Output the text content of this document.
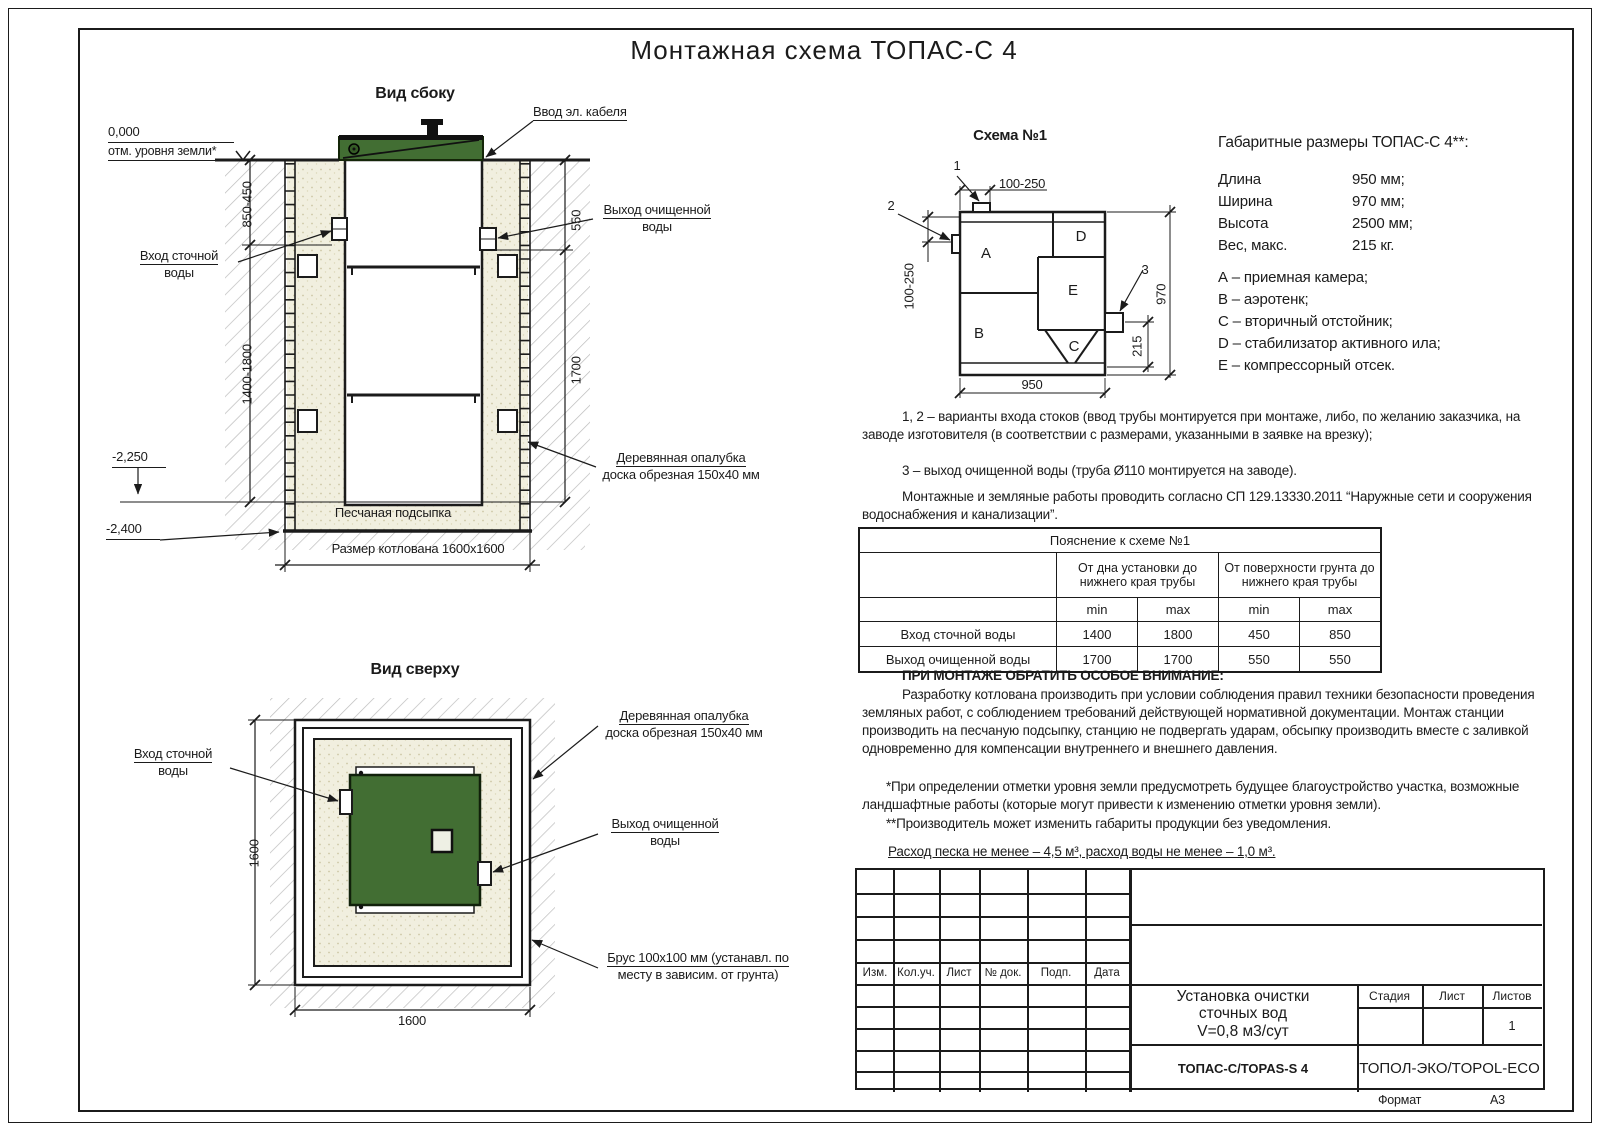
Монтажная схема ТОПАС-С 4
Вид сбоку
Ввод эл. кабеля
0,000
отм. уровня земли*
850-450
1400-1800
550
1700
Вход сточной
воды
Выход очищенной
воды
Деревянная опалубка
доска обрезная 150x40 мм
Песчаная подсыпка
-2,250
-2,400
Размер котлована 1600x1600
Вид сверху
Вход сточной
воды
Деревянная опалубка
доска обрезная 150x40 мм
Выход очищенной
воды
Брус 100x100 мм (устанавл. по
месту в зависим. от грунта)
1600
1600
Схема №1
100-250
100-250	970
215
950
1
2
3
A
B
C
D
E
Габаритные размеры ТОПАС-С 4**:
Длина	950 мм;
Ширина	970 мм;
Высота	2500 мм;
Вес, макс.	215 кг.
А – приемная камера;
В – аэротенк;
С – вторичный отстойник;
D – стабилизатор активного ила;
Е – компрессорный отсек.
1, 2 – варианты входа стоков (ввод трубы монтируется при монтаже, либо, по желанию заказчика, на заводе изготовителя (в соответствии с размерами, указанными в заявке на врезку);
3 – выход очищенной воды (труба Ø110 монтируется на заводе).
Монтажные и земляные работы проводить согласно СП 129.13330.2011 “Наружные сети и сооружения водоснабжения и канализации”.
Пояснение к схеме №1				
	От дна установки до нижнего края трубы		От поверхности грунта до нижнего края трубы	
	min	max	min	max
Вход сточной воды	1400	1800	450	850
Выход очищенной воды	1700	1700	550	550
ПРИ МОНТАЖЕ ОБРАТИТЬ ОСОБОЕ ВНИМАНИЕ:
Разработку котлована производить при условии соблюдения правил техники безопасности проведения земляных работ, с соблюдением требований действующей нормативной документации. Монтаж станции производить на песчаную подсыпку, станцию не подвергать ударам, обсыпку производить вместе с заливкой одновременно для компенсации внутреннего и внешнего давления.
*При определении отметки уровня земли предусмотреть будущее благоустройство участка, возможные ландшафтные работы (которые могут привести к изменению отметки уровня земли).
**Производитель может изменить габариты продукции без уведомления.
Расход песка не менее – 4,5 м³, расход воды не менее – 1,0 м³.
Изм. Кол.уч.	Лист	№ док.	Подп.	Дата
Установка очистки
сточных вод
V=0,8 м3/сут
Стадия	Лист	Листов
1
ТОПАС-С/TOPAS-S 4	ТОПОЛ-ЭКО/TOPOL-ECO
Формат	А3
